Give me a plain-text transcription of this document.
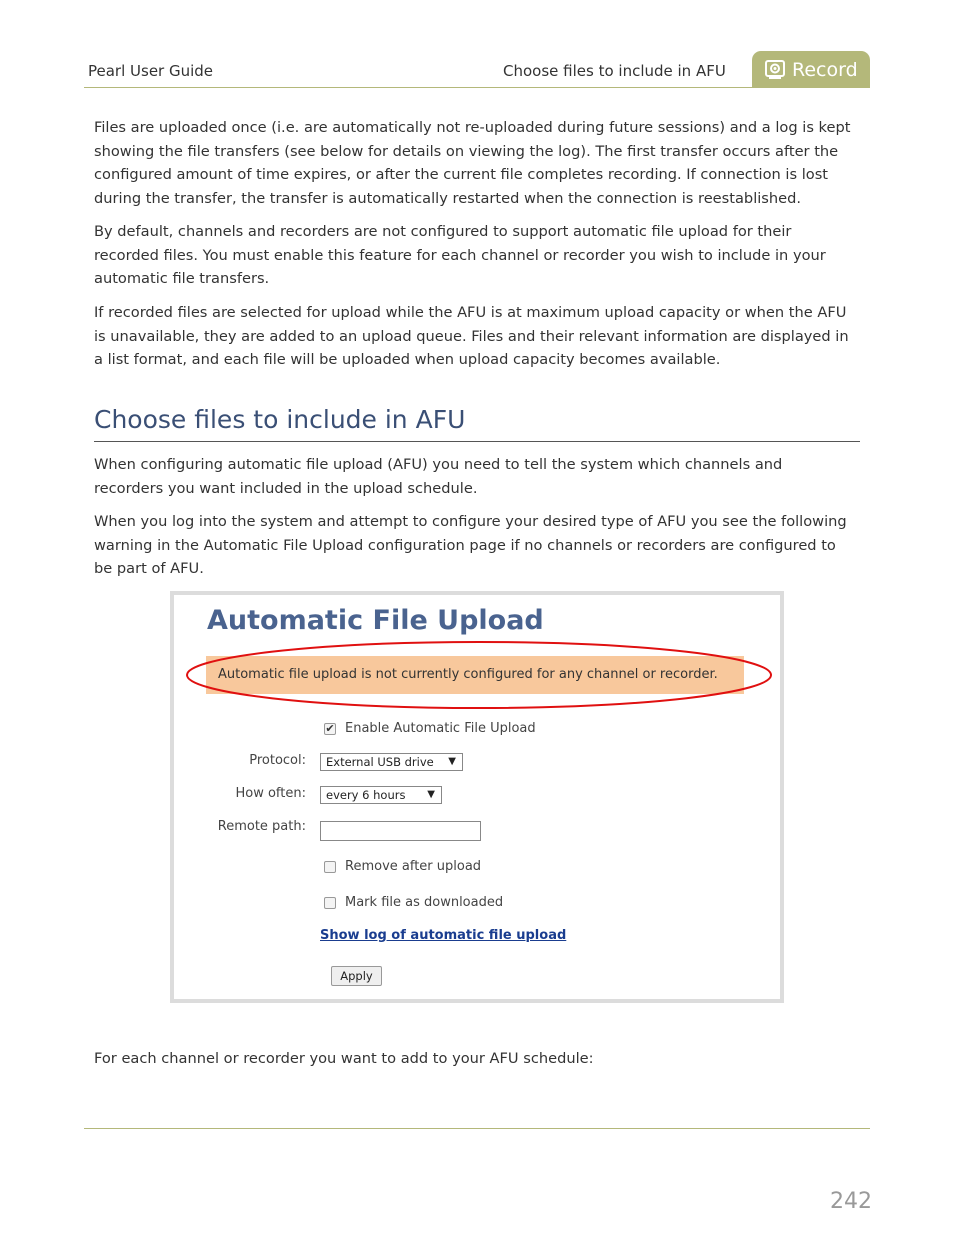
Pearl User Guide	Choose files to include in AFU	Record

Files are uploaded once (i.e. are automatically not re-uploaded during future sessions) and a log is kept showing the file transfers (see below for details on viewing the log). The first transfer occurs after the configured amount of time expires, or after the current file completes recording. If connection is lost during the transfer, the transfer is automatically restarted when the connection is reestablished.

By default, channels and recorders are not configured to support automatic file upload for their recorded files. You must enable this feature for each channel or recorder you wish to include in your automatic file transfers.

If recorded files are selected for upload while the AFU is at maximum upload capacity or when the AFU is unavailable, they are added to an upload queue. Files and their relevant information are displayed in a list format, and each file will be uploaded when upload capacity becomes available.

Choose files to include in AFU

When configuring automatic file upload (AFU) you need to tell the system which channels and recorders you want included in the upload schedule.

When you log into the system and attempt to configure your desired type of AFU you see the following warning in the Automatic File Upload configuration page if no channels or recorders are configured to be part of AFU.

Automatic File Upload
Automatic file upload is not currently configured for any channel or recorder.
✔ Enable Automatic File Upload
Protocol:	External USB drive ▼
How often:	every 6 hours ▼
Remote path:
Remove after upload
Mark file as downloaded
Show log of automatic file upload
Apply

For each channel or recorder you want to add to your AFU schedule:

242
